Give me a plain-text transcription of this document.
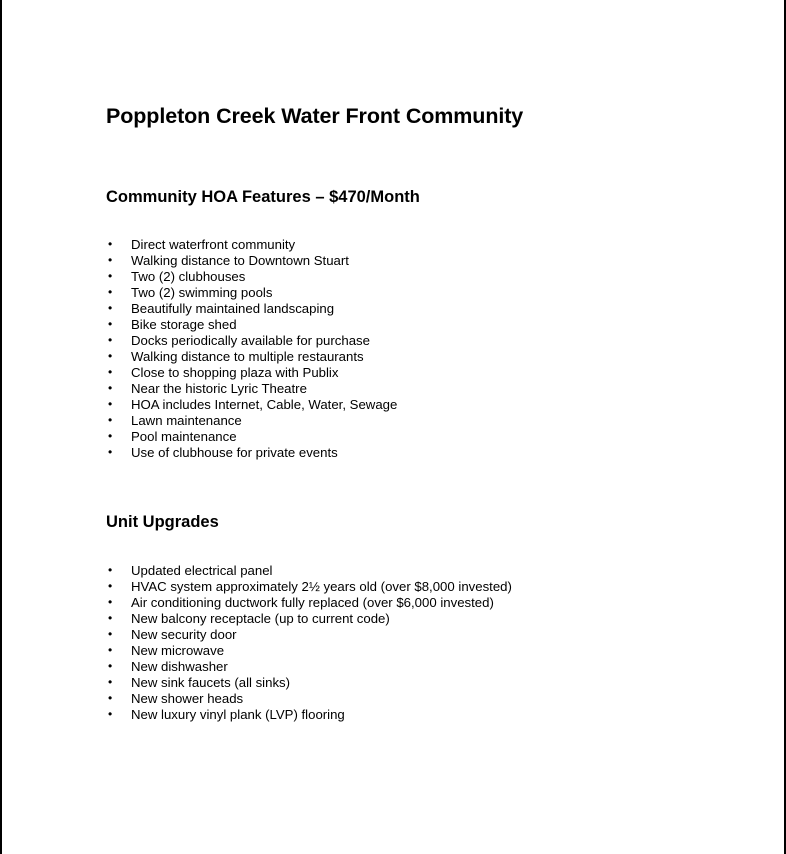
Poppleton Creek Water Front Community
Community HOA Features – $470/Month
• Direct waterfront community
• Walking distance to Downtown Stuart
• Two (2) clubhouses
• Two (2) swimming pools
• Beautifully maintained landscaping
• Bike storage shed
• Docks periodically available for purchase
• Walking distance to multiple restaurants
• Close to shopping plaza with Publix
• Near the historic Lyric Theatre
• HOA includes Internet, Cable, Water, Sewage
• Lawn maintenance
• Pool maintenance
• Use of clubhouse for private events
Unit Upgrades
• Updated electrical panel
• HVAC system approximately 2½ years old (over $8,000 invested)
• Air conditioning ductwork fully replaced (over $6,000 invested)
• New balcony receptacle (up to current code)
• New security door
• New microwave
• New dishwasher
• New sink faucets (all sinks)
• New shower heads
• New luxury vinyl plank (LVP) flooring
